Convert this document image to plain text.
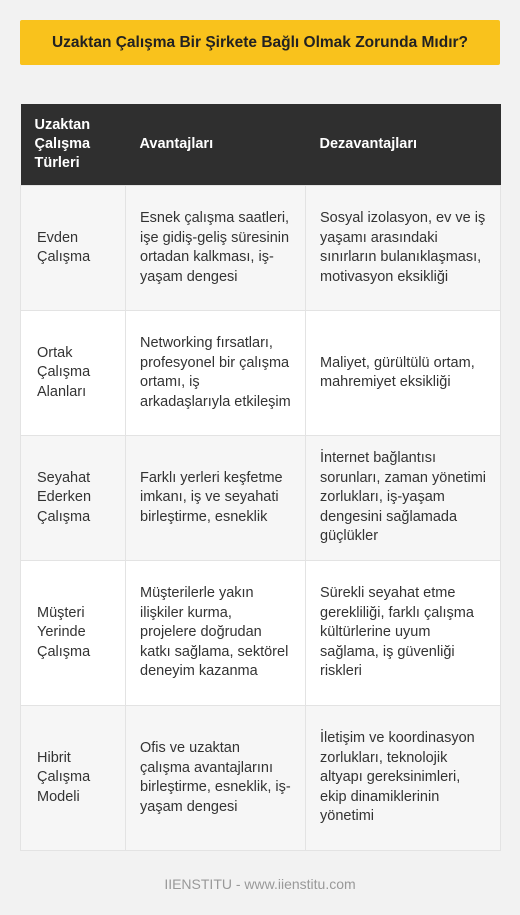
Uzaktan Çalışma Bir Şirkete Bağlı Olmak Zorunda Mıdır?
Uzaktan Çalışma Türleri	Avantajları	Dezavantajları
Evden Çalışma	Esnek çalışma saatleri, işe gidiş-geliş süresinin ortadan kalkması, iş-yaşam dengesi	Sosyal izolasyon, ev ve iş yaşamı arasındaki sınırların bulanıklaşması, motivasyon eksikliği
Ortak Çalışma Alanları	Networking fırsatları, profesyonel bir çalışma ortamı, iş arkadaşlarıyla etkileşim	Maliyet, gürültülü ortam, mahremiyet eksikliği
Seyahat Ederken Çalışma	Farklı yerleri keşfetme imkanı, iş ve seyahati birleştirme, esneklik	İnternet bağlantısı sorunları, zaman yönetimi zorlukları, iş-yaşam dengesini sağlamada güçlükler
Müşteri Yerinde Çalışma	Müşterilerle yakın ilişkiler kurma, projelere doğrudan katkı sağlama, sektörel deneyim kazanma	Sürekli seyahat etme gerekliliği, farklı çalışma kültürlerine uyum sağlama, iş güvenliği riskleri
Hibrit Çalışma Modeli	Ofis ve uzaktan çalışma avantajlarını birleştirme, esneklik, iş-yaşam dengesi	İletişim ve koordinasyon zorlukları, teknolojik altyapı gereksinimleri, ekip dinamiklerinin yönetimi
IIENSTITU - www.iienstitu.com
